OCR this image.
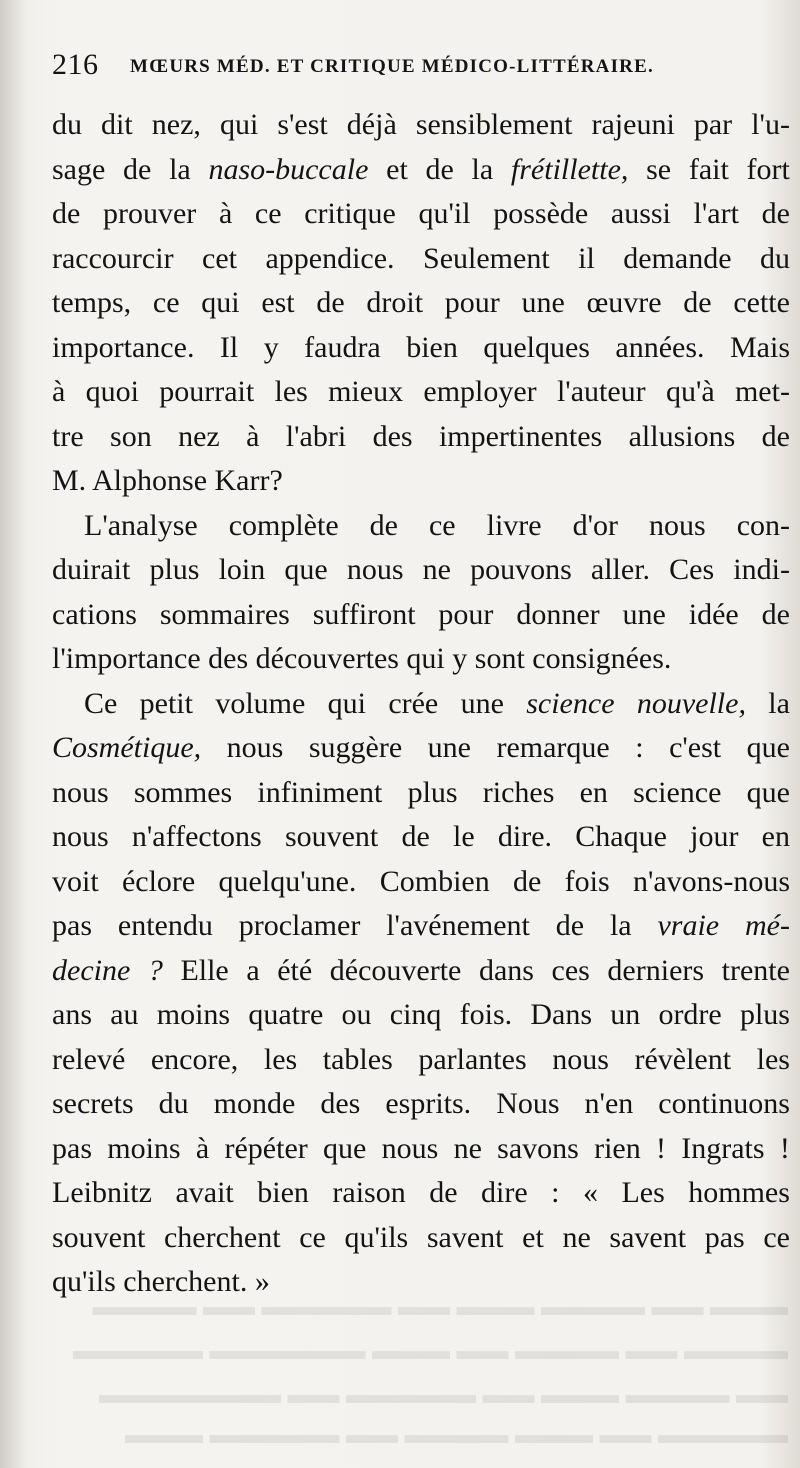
▬▬▬ ▬▬ ▬▬▬▬ ▬▬▬ ▬▬ ▬▬▬▬▬ ▬▬ ▬▬▬▬
▬▬▬▬ ▬▬ ▬▬▬▬ ▬▬ ▬▬▬ ▬▬▬▬▬▬ ▬▬▬▬▬
▬▬ ▬▬▬▬ ▬▬▬ ▬▬ ▬▬▬▬▬ ▬▬ ▬▬▬▬▬▬▬
▬▬▬▬▬ ▬▬ ▬▬▬ ▬▬▬▬ ▬▬ ▬▬▬▬▬ ▬▬▬
216 MŒURS MÉD. ET CRITIQUE MÉDICO-LITTÉRAIRE.
du dit nez, qui s'est déjà sensiblement rajeuni par l'u-
sage de la naso-buccale et de la frétillette, se fait fort
de prouver à ce critique qu'il possède aussi l'art de
raccourcir cet appendice. Seulement il demande du
temps, ce qui est de droit pour une œuvre de cette
importance. Il y faudra bien quelques années. Mais
à quoi pourrait les mieux employer l'auteur qu'à met-
tre son nez à l'abri des impertinentes allusions de
M. Alphonse Karr?
L'analyse complète de ce livre d'or nous con-
duirait plus loin que nous ne pouvons aller. Ces indi-
cations sommaires suffiront pour donner une idée de
l'importance des découvertes qui y sont consignées.
Ce petit volume qui crée une science nouvelle, la
Cosmétique, nous suggère une remarque : c'est que
nous sommes infiniment plus riches en science que
nous n'affectons souvent de le dire. Chaque jour en
voit éclore quelqu'une. Combien de fois n'avons-nous
pas entendu proclamer l'avénement de la vraie mé-
decine ? Elle a été découverte dans ces derniers trente
ans au moins quatre ou cinq fois. Dans un ordre plus
relevé encore, les tables parlantes nous révèlent les
secrets du monde des esprits. Nous n'en continuons
pas moins à répéter que nous ne savons rien ! Ingrats !
Leibnitz avait bien raison de dire : « Les hommes
souvent cherchent ce qu'ils savent et ne savent pas ce
qu'ils cherchent. »
